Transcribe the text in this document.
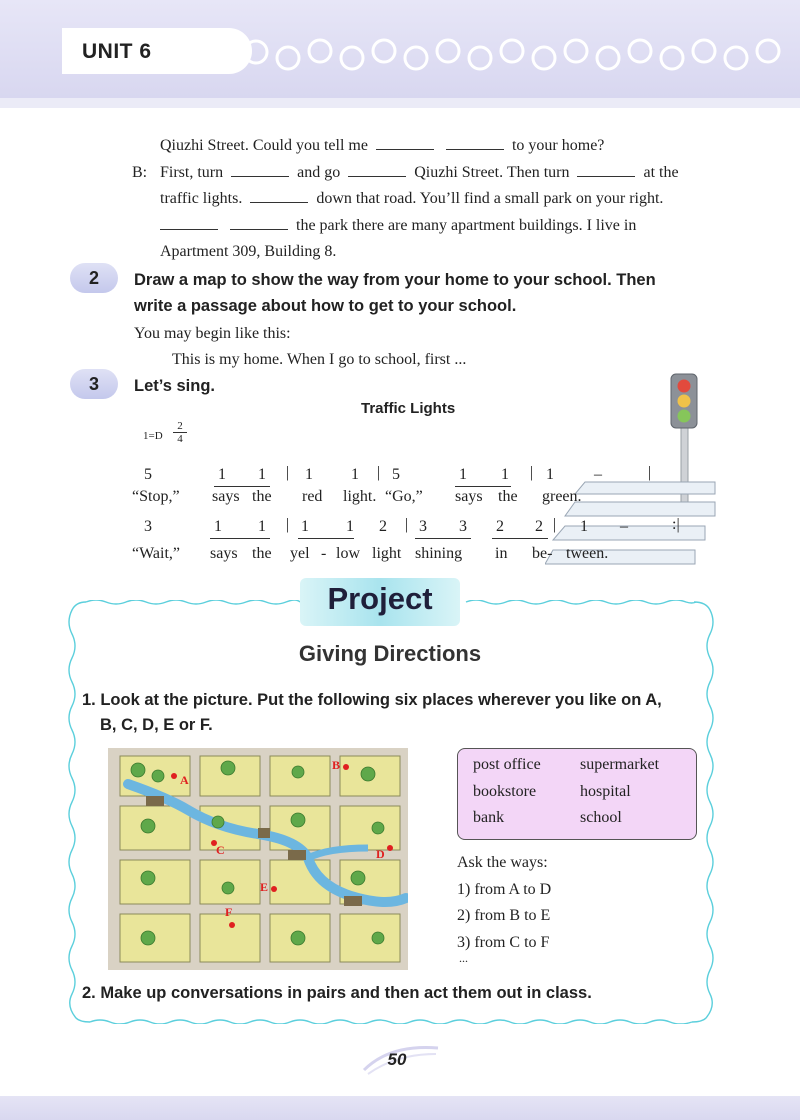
UNIT 6
Qiuzhi Street. Could you tell me	to your home?
B: First, turn	and go	Qiuzhi Street. Then turn	at the
traffic lights.	down that road. You’ll find a small park on your right.
the park there are many apartment buildings. I live in
Apartment 309, Building 8.
2	Draw a map to show the way from your home to your school. Then
write a passage about how to get to your school.
You may begin like this:
This is my home. When I go to school, first ...
3	Let’s sing.
Traffic Lights
1=D
2
4
5	1 1 | 1 1 | 5	1 1 | 1	–	|
“Stop,” says the red light. “Go,” says the green.
3	1 1 | 1 1 2 | 3 3 2 2 | 1 –	:|
“Wait,” says the yel - low light shining in be- tween.
Project
Giving Directions
1. Look at the picture. Put the following six places wherever you like on A,
B, C, D, E or F.
A
B
C	D
E
F
post office supermarket
bookstore	hospital
bank	school
Ask the ways:
1) from A to D
2) from B to E
3) from C to F
...
2. Make up conversations in pairs and then act them out in class.
50
